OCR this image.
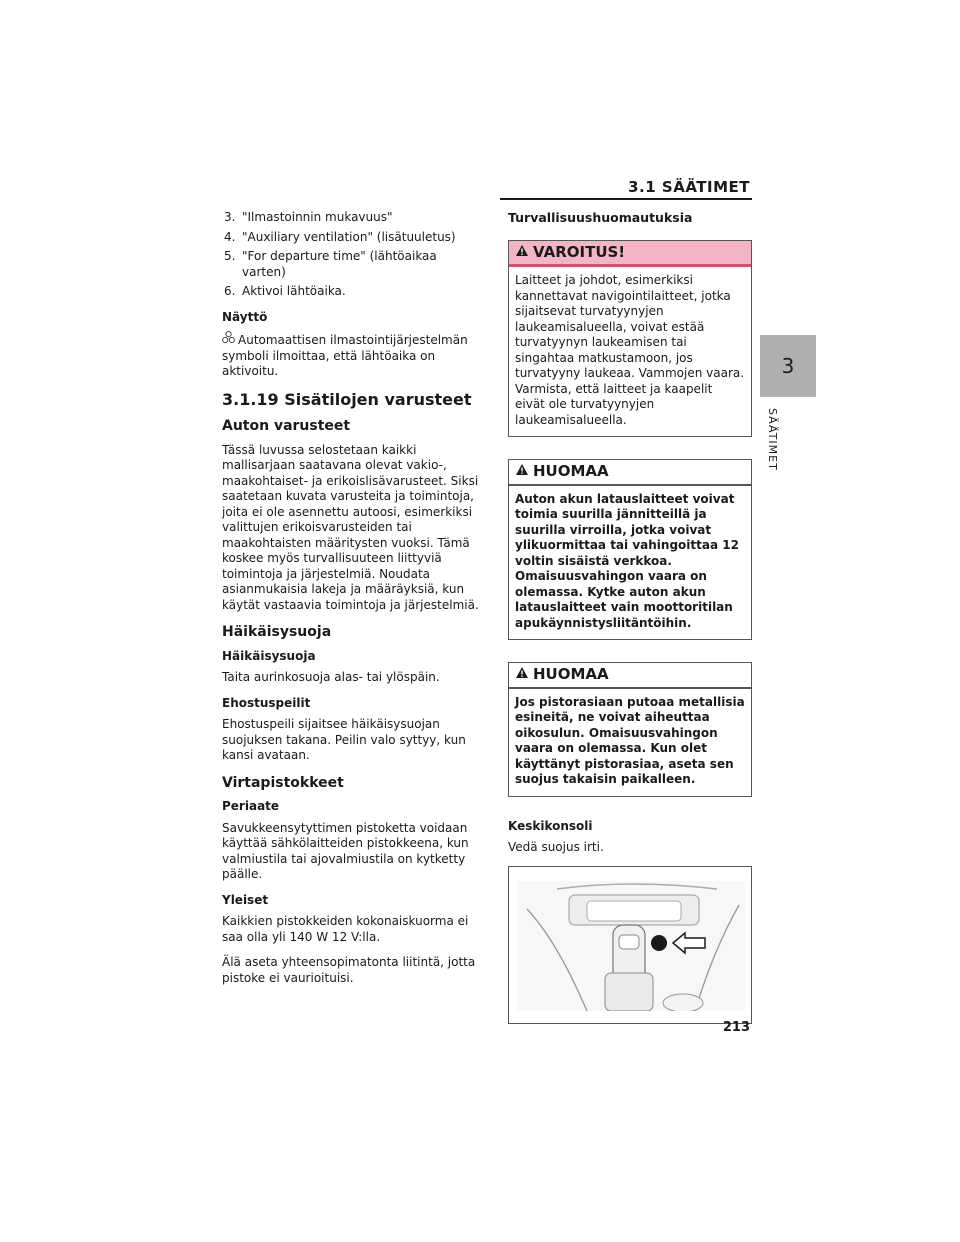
3.1 SÄÄTIMET
3
SÄÄTIMET
3. "Ilmastoinnin mukavuus"
4. "Auxiliary ventilation" (lisätuuletus)
5. "For departure time" (lähtöaikaa varten)
6. Aktivoi lähtöaika.
Näyttö

Automaattisen ilmastointijärjestelmän symboli ilmoittaa, että lähtöaika on aktivoitu.

3.1.19 Sisätilojen varusteet
Auton varusteet

Tässä luvussa selostetaan kaikki mallisarjaan saatavana olevat vakio-, maakohtaiset- ja erikoislisävarusteet. Siksi saatetaan kuvata varusteita ja toimintoja, joita ei ole asennettu autoosi, esimerkiksi valittujen erikoisvarusteiden tai maakohtaisten määritysten vuoksi. Tämä koskee myös turvallisuuteen liittyviä toimintoja ja järjestelmiä. Noudata asianmukaisia lakeja ja määräyksiä, kun käytät vastaavia toimintoja ja järjestelmiä.

Häikäisysuoja
Häikäisysuoja

Taita aurinkosuoja alas- tai ylöspäin.

Ehostuspeilit

Ehostuspeili sijaitsee häikäisysuojan suojuksen takana. Peilin valo syttyy, kun kansi avataan.

Virtapistokkeet
Periaate

Savukkeensytyttimen pistoketta voidaan käyttää sähkölaitteiden pistokkeena, kun valmiustila tai ajovalmiustila on kytketty päälle.

Yleiset

Kaikkien pistokkeiden kokonaiskuorma ei saa olla yli 140 W 12 V:lla.

Älä aseta yhteensopimatonta liitintä, jotta pistoke ei vaurioituisi.

Turvallisuushuomautuksia
VAROITUS!
Laitteet ja johdot, esimerkiksi kannettavat navigointilaitteet, jotka sijaitsevat turvatyynyjen laukeamisalueella, voivat estää turvatyynyn laukeamisen tai singahtaa matkustamoon, jos turvatyyny laukeaa. Vammojen vaara. Varmista, että laitteet ja kaapelit eivät ole turvatyynyjen laukeamisalueella.
HUOMAA
Auton akun latauslaitteet voivat toimia suurilla jännitteillä ja suurilla virroilla, jotka voivat ylikuormittaa tai vahingoittaa 12 voltin sisäistä verkkoa. Omaisuusvahingon vaara on olemassa. Kytke auton akun latauslaitteet vain moottoritilan apukäynnistysliitäntöihin.
HUOMAA
Jos pistorasiaan putoaa metallisia esineitä, ne voivat aiheuttaa oikosulun. Omaisuusvahingon vaara on olemassa. Kun olet käyttänyt pistorasiaa, aseta sen suojus takaisin paikalleen.
Keskikonsoli

Vedä suojus irti.

213
